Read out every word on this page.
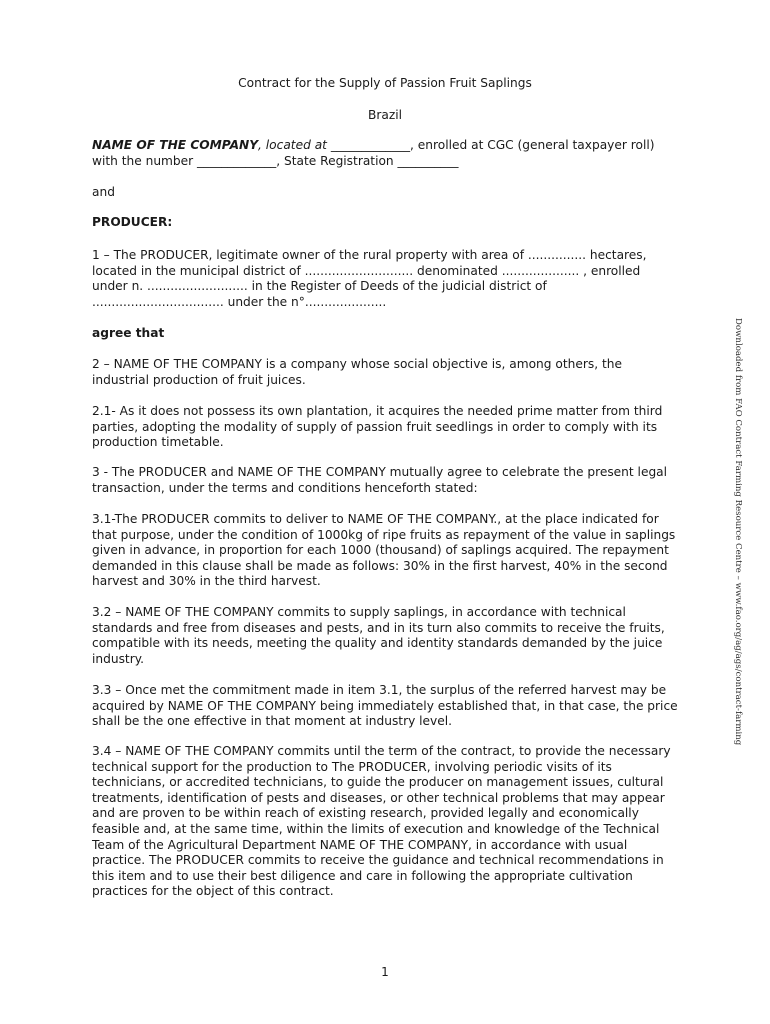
Contract for the Supply of Passion Fruit Saplings
Brazil
NAME OF THE COMPANY, located at _____________, enrolled at CGC (general taxpayer roll) with the number _____________, State Registration __________
and
PRODUCER:
1 – The PRODUCER, legitimate owner of the rural property with area of ............... hectares, located in the municipal district of ............................ denominated .................... , enrolled under n. .......................... in the Register of Deeds of the judicial district of .................................. under the n°.....................
agree that
2 – NAME OF THE COMPANY is a company whose social objective is, among others, the industrial production of fruit juices.
2.1- As it does not possess its own plantation, it acquires the needed prime matter from third parties, adopting the modality of supply of passion fruit seedlings in order to comply with its production timetable.
3 - The PRODUCER and NAME OF THE COMPANY mutually agree to celebrate the present legal transaction, under the terms and conditions henceforth stated:
3.1-The PRODUCER commits to deliver to NAME OF THE COMPANY., at the place indicated for that purpose, under the condition of 1000kg of ripe fruits as repayment of the value in saplings given in advance, in proportion for each 1000 (thousand) of saplings acquired. The repayment demanded in this clause shall be made as follows: 30% in the first harvest, 40% in the second harvest and 30% in the third harvest.
3.2 – NAME OF THE COMPANY commits to supply saplings, in accordance with technical standards and free from diseases and pests, and in its turn also commits to receive the fruits, compatible with its needs, meeting the quality and identity standards demanded by the juice industry.
3.3 – Once met the commitment made in item 3.1, the surplus of the referred harvest may be acquired by NAME OF THE COMPANY being immediately established that, in that case, the price shall be the one effective in that moment at industry level.
3.4 – NAME OF THE COMPANY commits until the term of the contract, to provide the necessary technical support for the production to The PRODUCER, involving periodic visits of its technicians, or accredited technicians, to guide the producer on management issues, cultural treatments, identification of pests and diseases, or other technical problems that may appear and are proven to be within reach of existing research, provided legally and economically feasible and, at the same time, within the limits of execution and knowledge of the Technical Team of the Agricultural Department NAME OF THE COMPANY, in accordance with usual practice. The PRODUCER commits to receive the guidance and technical recommendations in this item and to use their best diligence and care in following the appropriate cultivation practices for the object of this contract.
1
Downloaded from FAO Contract Farming Resource Centre – www.fao.org/ag/ags/contract-farming
